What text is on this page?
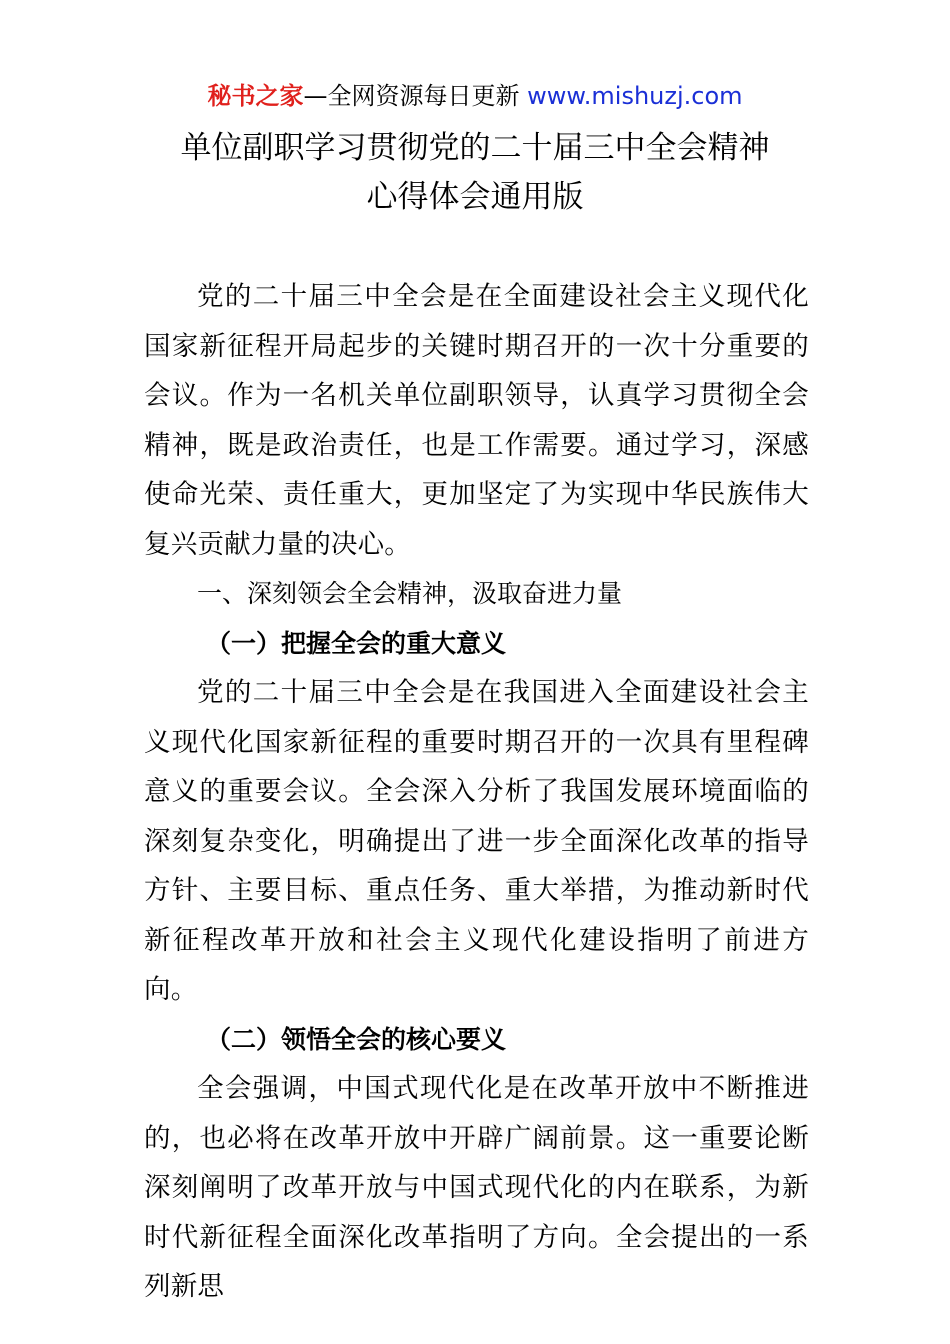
秘书之家—全网资源每日更新 www.mishuzj.com
单位副职学习贯彻党的二十届三中全会精神
心得体会通用版

党的二十届三中全会是在全面建设社会主义现代化国家新征程开局起步的关键时期召开的一次十分重要的会议。作为一名机关单位副职领导，认真学习贯彻全会精神，既是政治责任，也是工作需要。通过学习，深感使命光荣、责任重大，更加坚定了为实现中华民族伟大复兴贡献力量的决心。

一、深刻领会全会精神，汲取奋进力量

（一）把握全会的重大意义

党的二十届三中全会是在我国进入全面建设社会主义现代化国家新征程的重要时期召开的一次具有里程碑意义的重要会议。全会深入分析了我国发展环境面临的深刻复杂变化，明确提出了进一步全面深化改革的指导方针、主要目标、重点任务、重大举措，为推动新时代新征程改革开放和社会主义现代化建设指明了前进方向。

（二）领悟全会的核心要义

全会强调，中国式现代化是在改革开放中不断推进的，也必将在改革开放中开辟广阔前景。这一重要论断深刻阐明了改革开放与中国式现代化的内在联系，为新时代新征程全面深化改革指明了方向。全会提出的一系列新思
